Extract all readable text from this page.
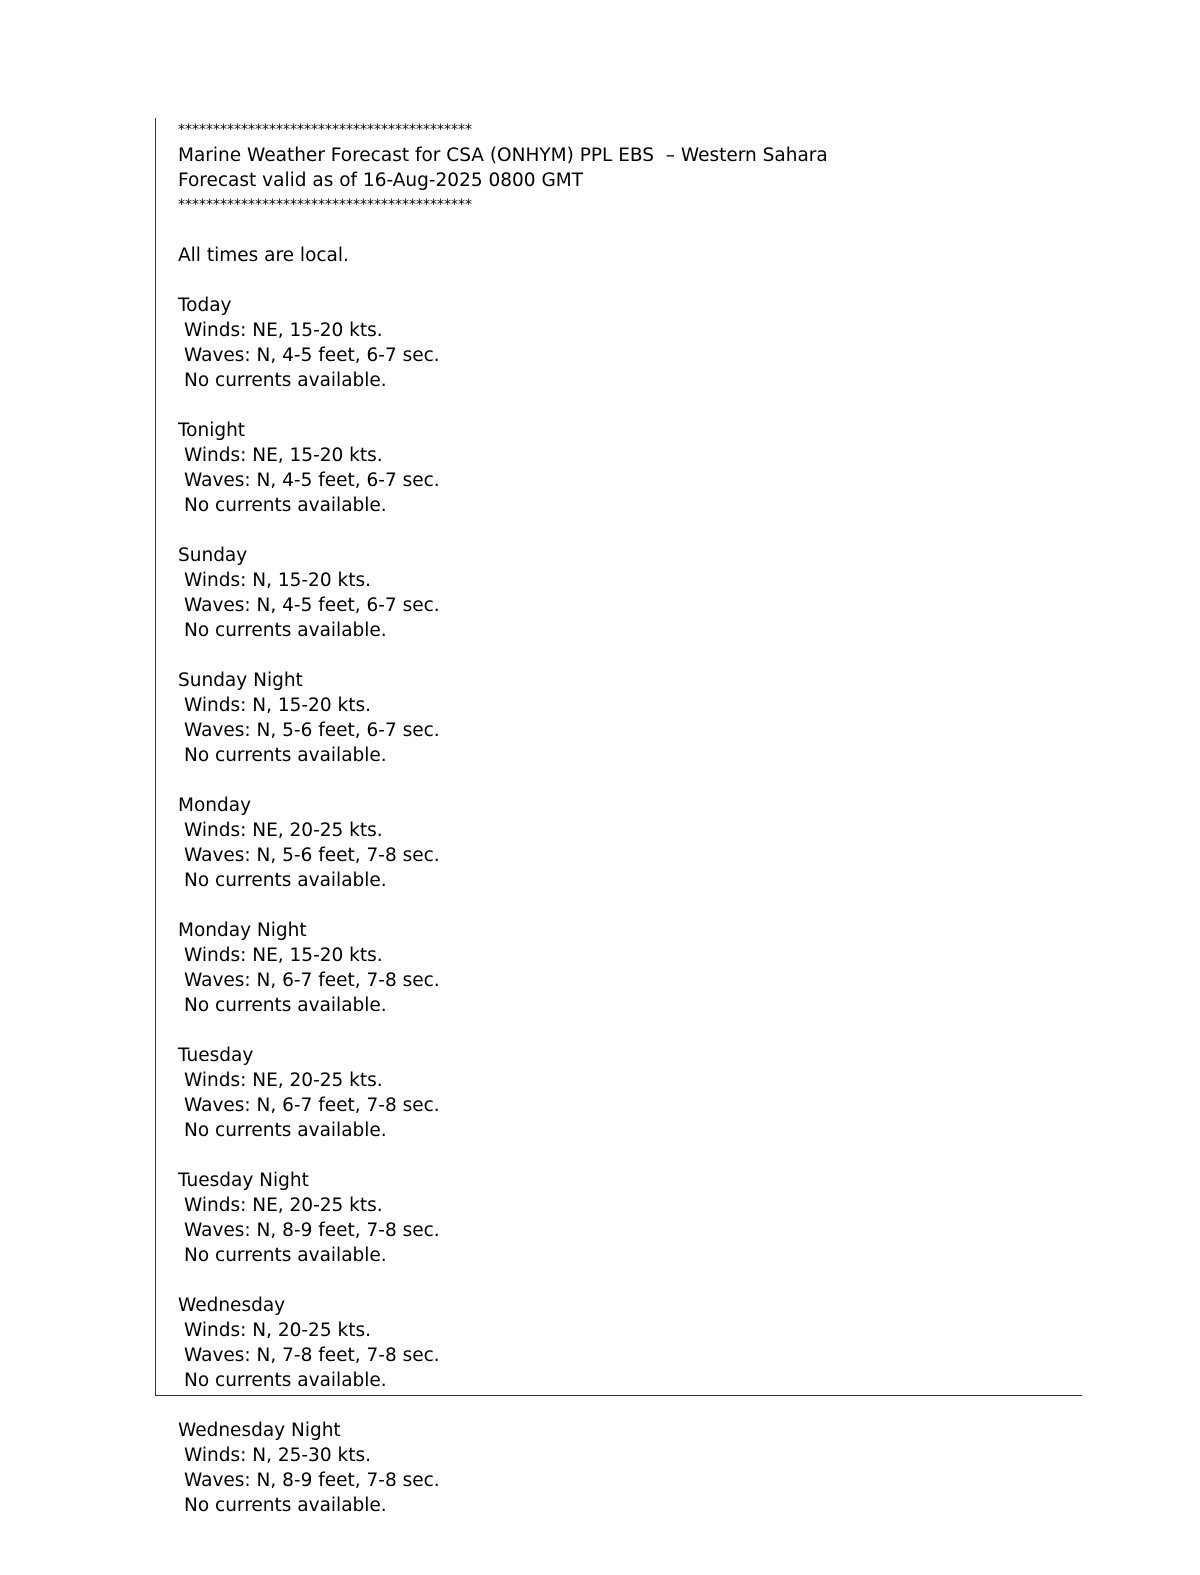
******************************************
Marine Weather Forecast for CSA (ONHYM) PPL EBS  – Western Sahara
Forecast valid as of 16-Aug-2025 0800 GMT
******************************************
All times are local.
Today
Winds: NE, 15-20 kts.
Waves: N, 4-5 feet, 6-7 sec.
No currents available.
Tonight
Winds: NE, 15-20 kts.
Waves: N, 4-5 feet, 6-7 sec.
No currents available.
Sunday
Winds: N, 15-20 kts.
Waves: N, 4-5 feet, 6-7 sec.
No currents available.
Sunday Night
Winds: N, 15-20 kts.
Waves: N, 5-6 feet, 6-7 sec.
No currents available.
Monday
Winds: NE, 20-25 kts.
Waves: N, 5-6 feet, 7-8 sec.
No currents available.
Monday Night
Winds: NE, 15-20 kts.
Waves: N, 6-7 feet, 7-8 sec.
No currents available.
Tuesday
Winds: NE, 20-25 kts.
Waves: N, 6-7 feet, 7-8 sec.
No currents available.
Tuesday Night
Winds: NE, 20-25 kts.
Waves: N, 8-9 feet, 7-8 sec.
No currents available.
Wednesday
Winds: N, 20-25 kts.
Waves: N, 7-8 feet, 7-8 sec.
No currents available.
Wednesday Night
Winds: N, 25-30 kts.
Waves: N, 8-9 feet, 7-8 sec.
No currents available.
